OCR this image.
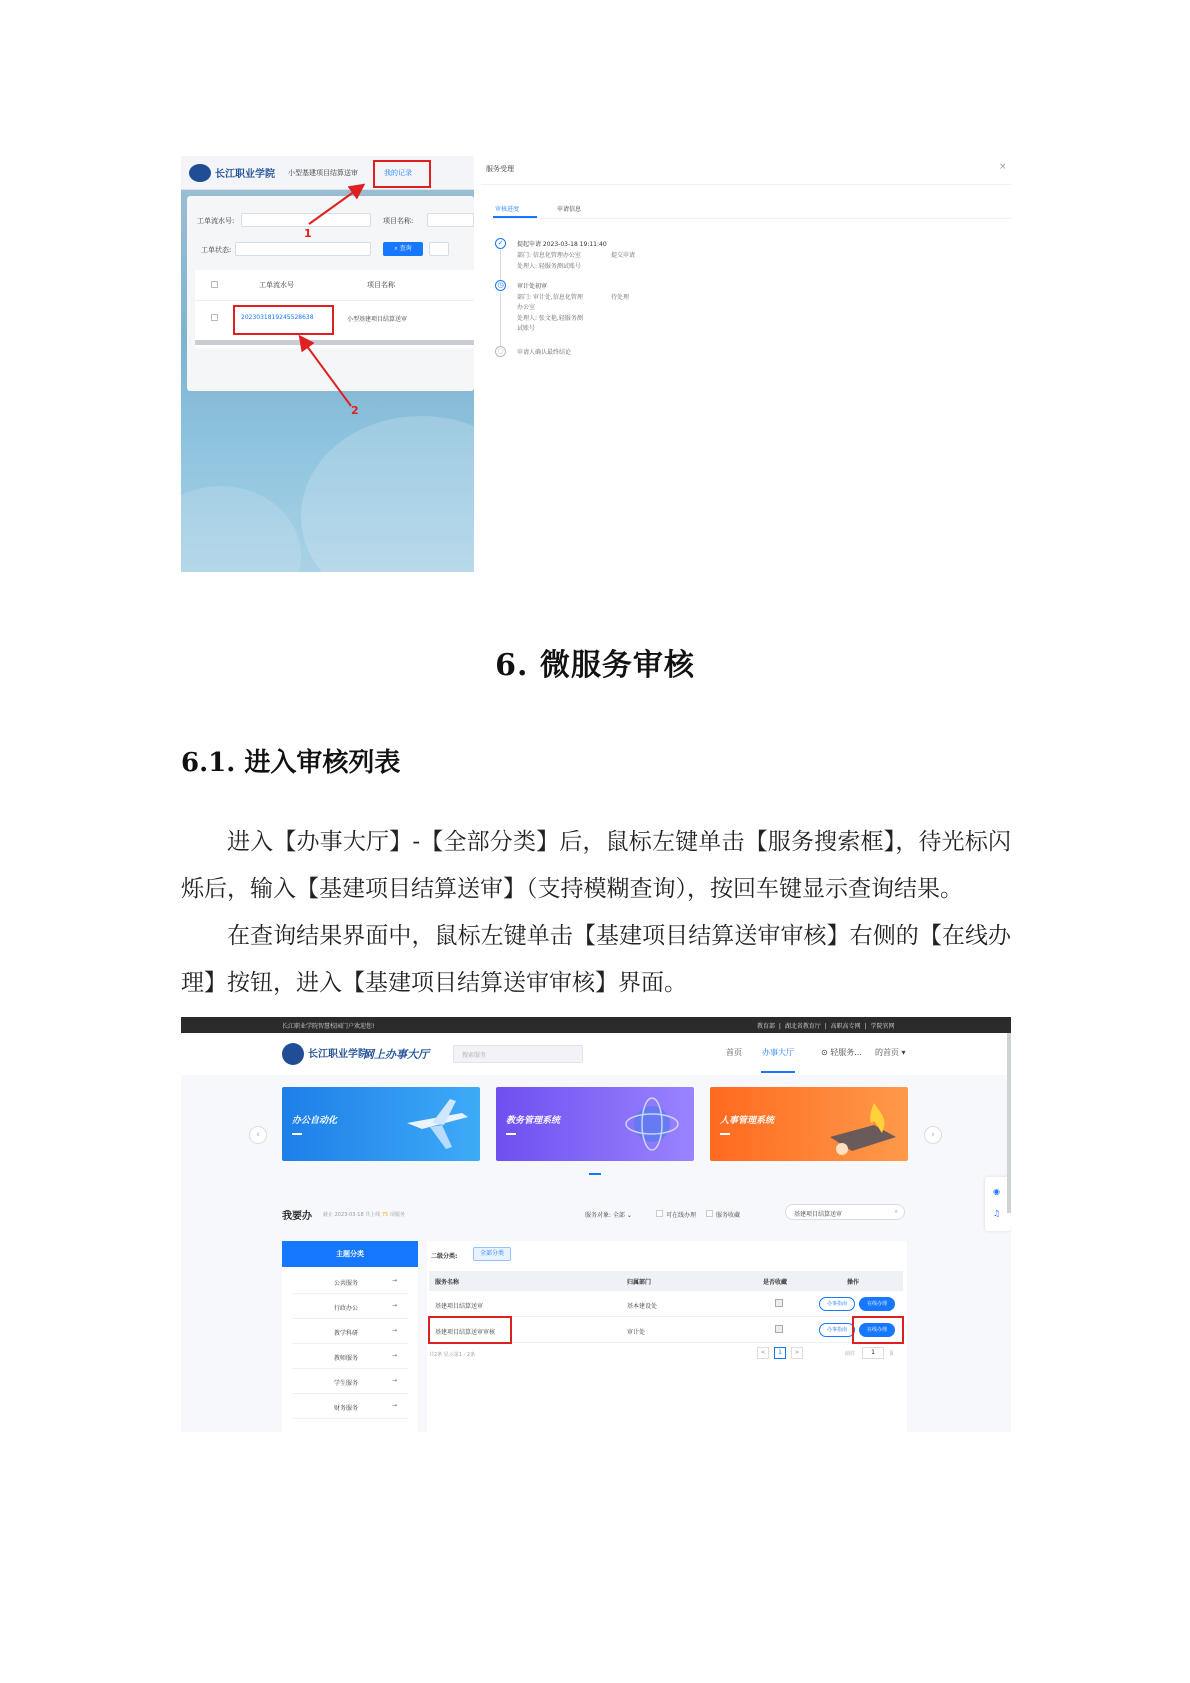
长江职业学院 小型基建项目结算送审	我的记录
工单流水号:	项目名称:
工单状态:	⌕ 查询
工单流水号	项目名称
2023031819245528638	小型基建项目结算送审
1
2
服务受理	×
审核进度	申请信息
✓	提起申请 2023-03-18 19:11:40
部门: 信息化管理办公室
处理人: 轻服务测试账号
提交申请
◷	审计处初审
部门: 审计处,信息化管理
办公室
处理人: 张文艳,轻服务测
试账号
待处理
○	申请人确认最终结论
6. 微服务审核
6.1. 进入审核列表
进入【办事大厅】-【全部分类】后，鼠标左键单击【服务搜索框】，待光标闪烁后，输入【基建项目结算送审】（支持模糊查询），按回车键显示查询结果。
在查询结果界面中，鼠标左键单击【基建项目结算送审审核】右侧的【在线办理】按钮，进入【基建项目结算送审审核】界面。
长江职业学院智慧校园门户欢迎您!	教育部 | 湖北省教育厅 | 高职高专网 | 学院官网
长江职业学院
网上办事大厅	搜索服务	首页	办事大厅	⊙ 轻服务... 的首页 ▾
‹
办公自动化	教务管理系统	人事管理系统
›
◉
♫
我要办 截止 2023-03-18 共上线 75 项服务	服务对象: 全部 ⌄	可在线办理	服务收藏	基建项目结算送审	⌕
主题分类
公共服务	→
行政办公	→
教学科研	→
教师服务	→
学生服务	→
财务服务	→
二级分类:	全部分类
服务名称	归属部门	是否收藏	操作
基建项目结算送审	基本建设处	办事指南	在线办理
基建项目结算送审审核	审计处	办事指南	在线办理
共2条 显示第1 - 2条	<	1	>	前往	1	页
